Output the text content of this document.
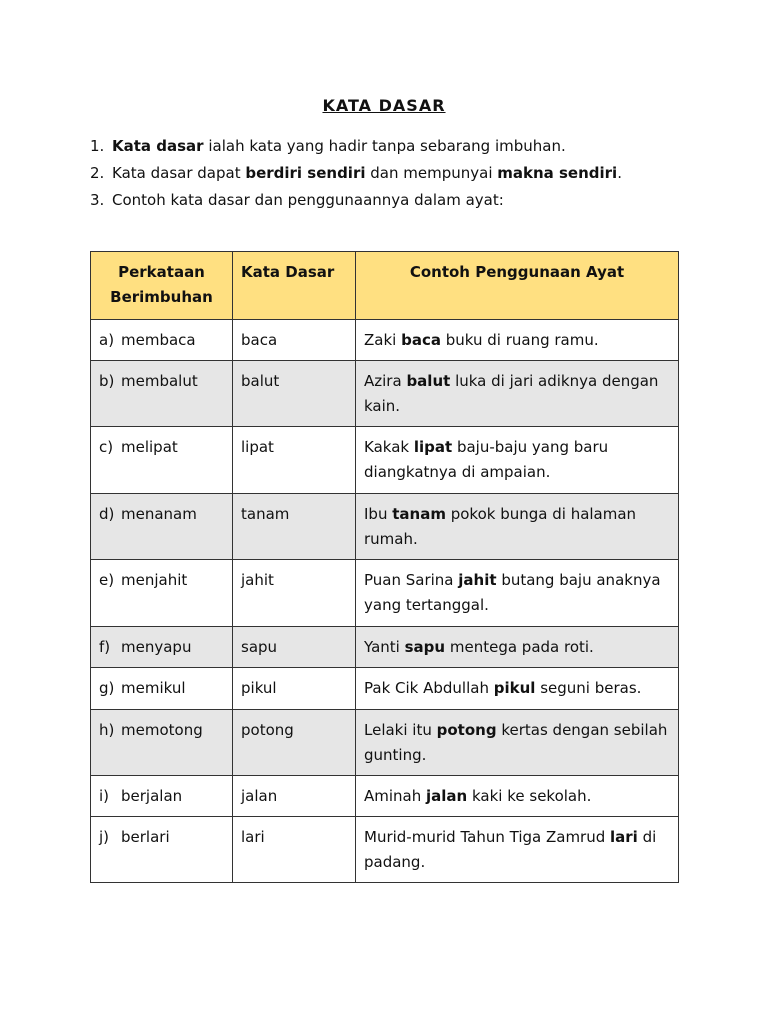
KATA DASAR
1. Kata dasar ialah kata yang hadir tanpa sebarang imbuhan.
2. Kata dasar dapat berdiri sendiri dan mempunyai makna sendiri.
3. Contoh kata dasar dan penggunaannya dalam ayat:
Perkataan Berimbuhan	Kata Dasar	Contoh Penggunaan Ayat
a) membaca	baca	Zaki baca buku di ruang ramu.
b) membalut	balut	Azira balut luka di jari adiknya dengan kain.
c) melipat	lipat	Kakak lipat baju-baju yang baru diangkatnya di ampaian.
d) menanam	tanam	Ibu tanam pokok bunga di halaman rumah.
e) menjahit	jahit	Puan Sarina jahit butang baju anaknya yang tertanggal.
f) menyapu	sapu	Yanti sapu mentega pada roti.
g) memikul	pikul	Pak Cik Abdullah pikul seguni beras.
h) memotong	potong	Lelaki itu potong kertas dengan sebilah gunting.
i) berjalan	jalan	Aminah jalan kaki ke sekolah.
j) berlari	lari	Murid-murid Tahun Tiga Zamrud lari di padang.
